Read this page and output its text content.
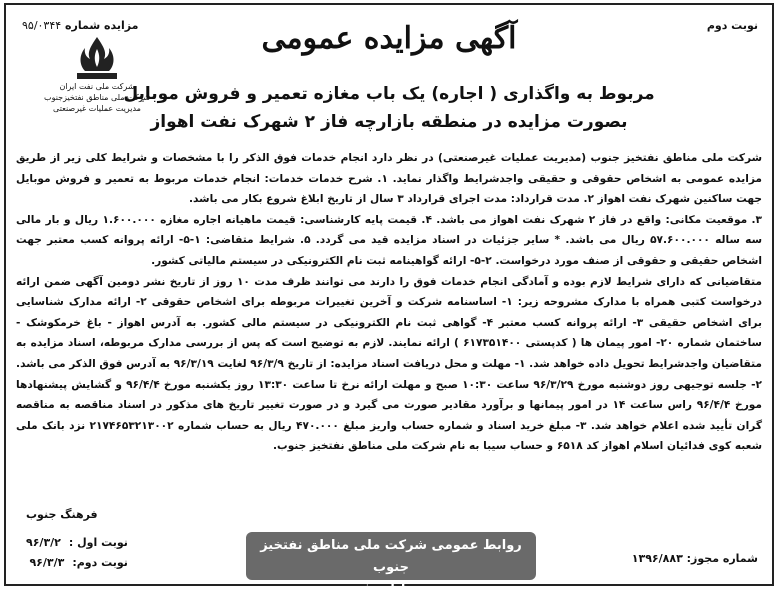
نوبت دوم
مزایده شماره ۹۵/۰۳۴۴
شرکت ملی نفت ایران
شرکت ملی مناطق نفتخیزجنوب
مدیریت عملیات غیرصنعتی
آگهی مزایده عمومی
مربوط به واگذاری ( اجاره) یک باب مغازه تعمیر و فروش موبایل
بصورت مزایده در منطقه بازارچه فاز ۲ شهرک نفت اهواز

شرکت ملی مناطق نفتخیز جنوب (مدیریت عملیات غیرصنعتی) در نظر دارد انجام خدمات فوق الذکر را با مشخصات و شرایط کلی زیر از طریق مزایده عمومی به اشخاص حقوقی و حقیقی واجدشرایط واگذار نماید. ۱. شرح خدمات خدمات: انجام خدمات مربوط به تعمیر و فروش موبایل جهت ساکنین شهرک نفت اهواز ۲. مدت قرارداد: مدت اجرای قرارداد ۳ سال از تاریخ ابلاغ شروع بکار می باشد.

۳. موقعیت مکانی: واقع در فاز ۲ شهرک نفت اهواز می باشد. ۴. قیمت پایه کارشناسی: قیمت ماهیانه اجاره مغازه ۱.۶۰۰.۰۰۰ ریال و بار مالی سه ساله ۵۷.۶۰۰.۰۰۰ ریال می باشد. * سایر جزئیات در اسناد مزایده قید می گردد. ۵. شرایط متقاضی: ۱-۵- ارائه پروانه کسب معتبر جهت اشخاص حقیقی و حقوقی از صنف مورد درخواست. ۲-۵- ارائه گواهینامه ثبت نام الکترونیکی در سیستم مالیاتی کشور.

متقاضیانی که دارای شرایط لازم بوده و آمادگی انجام خدمات فوق را دارند می توانند ظرف مدت ۱۰ روز از تاریخ نشر دومین آگهی ضمن ارائه درخواست کتبی همراه با مدارک مشروحه زیر: ۱- اساسنامه شرکت و آخرین تغییرات مربوطه برای اشخاص حقوقی ۲- ارائه مدارک شناسایی برای اشخاص حقیقی ۳- ارائه پروانه کسب معتبر ۴- گواهی ثبت نام الکترونیکی در سیستم مالی کشور. به آدرس اهواز - باغ خرمکوشک - ساختمان شماره ۲۰- امور پیمان ها ( کدپستی ۶۱۷۳۵۱۴۰۰ ) ارائه نمایند. لازم به توضیح است که پس از بررسی مدارک مربوطه، اسناد مزایده به متقاضیان واجدشرایط تحویل داده خواهد شد. ۱- مهلت و محل دریافت اسناد مزایده: از تاریخ ۹۶/۳/۹ لغایت ۹۶/۳/۱۹ به آدرس فوق الذکر می باشد.

۲- جلسه توجیهی روز دوشنبه مورخ ۹۶/۳/۲۹ ساعت ۱۰:۳۰ صبح و مهلت ارائه نرخ تا ساعت ۱۳:۳۰ روز یکشنبه مورخ ۹۶/۴/۴ و گشایش پیشنهادها مورخ ۹۶/۴/۴ راس ساعت ۱۴ در امور پیمانها و برآورد مقادیر صورت می گیرد و در صورت تغییر تاریخ های مذکور در اسناد مناقصه به مناقصه گران تأیید شده اعلام خواهد شد. ۳- مبلغ خرید اسناد و شماره حساب واریز مبلغ ۴۷۰.۰۰۰ ریال به حساب شماره ۲۱۷۴۶۵۳۲۱۳۰۰۲ نزد بانک ملی شعبه کوی فدائیان اسلام اهواز کد ۶۵۱۸ و حساب سیبا به نام شرکت ملی مناطق نفتخیز جنوب.

فرهنگ جنوب
نوبت اول :
۹۶/۳/۲
نوبت دوم:
۹۶/۳/۳
روابط عمومی شرکت ملی مناطق نفتخیز جنوب
مدیریت عملیات غیرصنعتی
شماره مجوز: ۱۳۹۶/۸۸۳
